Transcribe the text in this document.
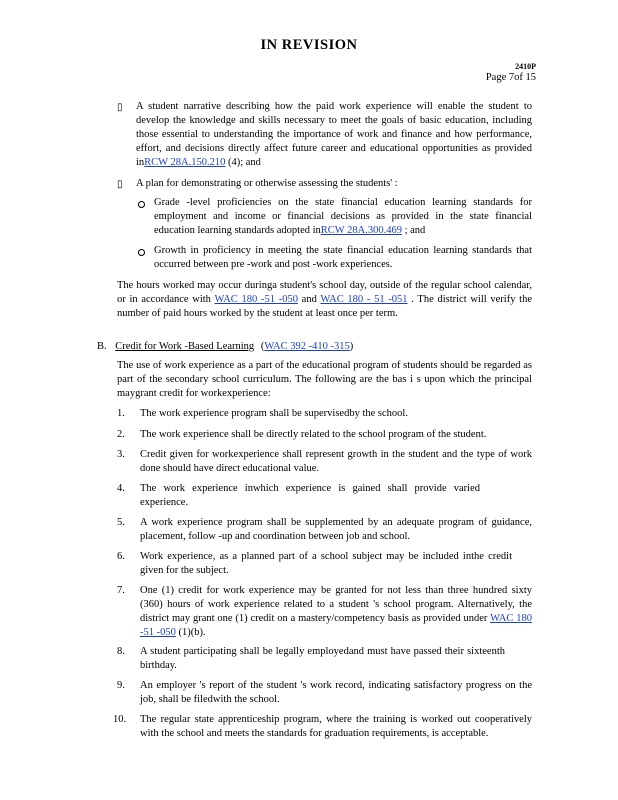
IN REVISION
2410P
Page 7of 15
▯ A student narrative describing how the paid work experience will enable the student to develop the knowledge and skills necessary to meet the goals of basic education, including those essential to understanding the importance of work and finance and how performance, effort, and decisions directly affect future career and educational opportunities as provided inRCW 28A.150.210 (4); and
▯ A plan for demonstrating or otherwise assessing the students' :
Grade -level proficiencies on the state financial education learning standards for employment and income or financial decisions as provided in the state financial education learning standards adopted inRCW 28A.300.469 ; and
Growth in proficiency in meeting the state financial education learning standards that occurred between pre -work and post -work experiences.
The hours worked may occur duringa student's school day, outside of the regular school calendar, or in accordance with WAC 180 -51 -050 and WAC 180 - 51 -051 . The district will verify the number of paid hours worked by the student at least once per term.
B. Credit for Work -Based Learning (WAC 392 -410 -315)
The use of work experience as a part of the educational program of students should be regarded as part of the secondary school curriculum. The following are the bas i s upon which the principal maygrant credit for workexperience:
1.	The work experience program shall be supervisedby the school.
2.	The work experience shall be directly related to the school program of the student.
3.	Credit given for workexperience shall represent growth in the student and the type of work done should have direct educational value.
4.	The work experience inwhich experience is gained shall provide varied experience.
5.	A work experience program shall be supplemented by an adequate program of guidance, placement, follow -up and coordination between job and school.
6.	Work experience, as a planned part of a school subject may be included inthe credit given for the subject.
7.	One (1) credit for work experience may be granted for not less than three hundred sixty (360) hours of work experience related to a student 's school program. Alternatively, the district may grant one (1) credit on a mastery/competency basis as provided under WAC 180 -51 -050 (1)(b).
8.	A student participating shall be legally employedand must have passed their sixteenth birthday.
9.	An employer 's report of the student 's work record, indicating satisfactory progress on the job, shall be filedwith the school.
10.	The regular state apprenticeship program, where the training is worked out cooperatively with the school and meets the standards for graduation requirements, is acceptable.
